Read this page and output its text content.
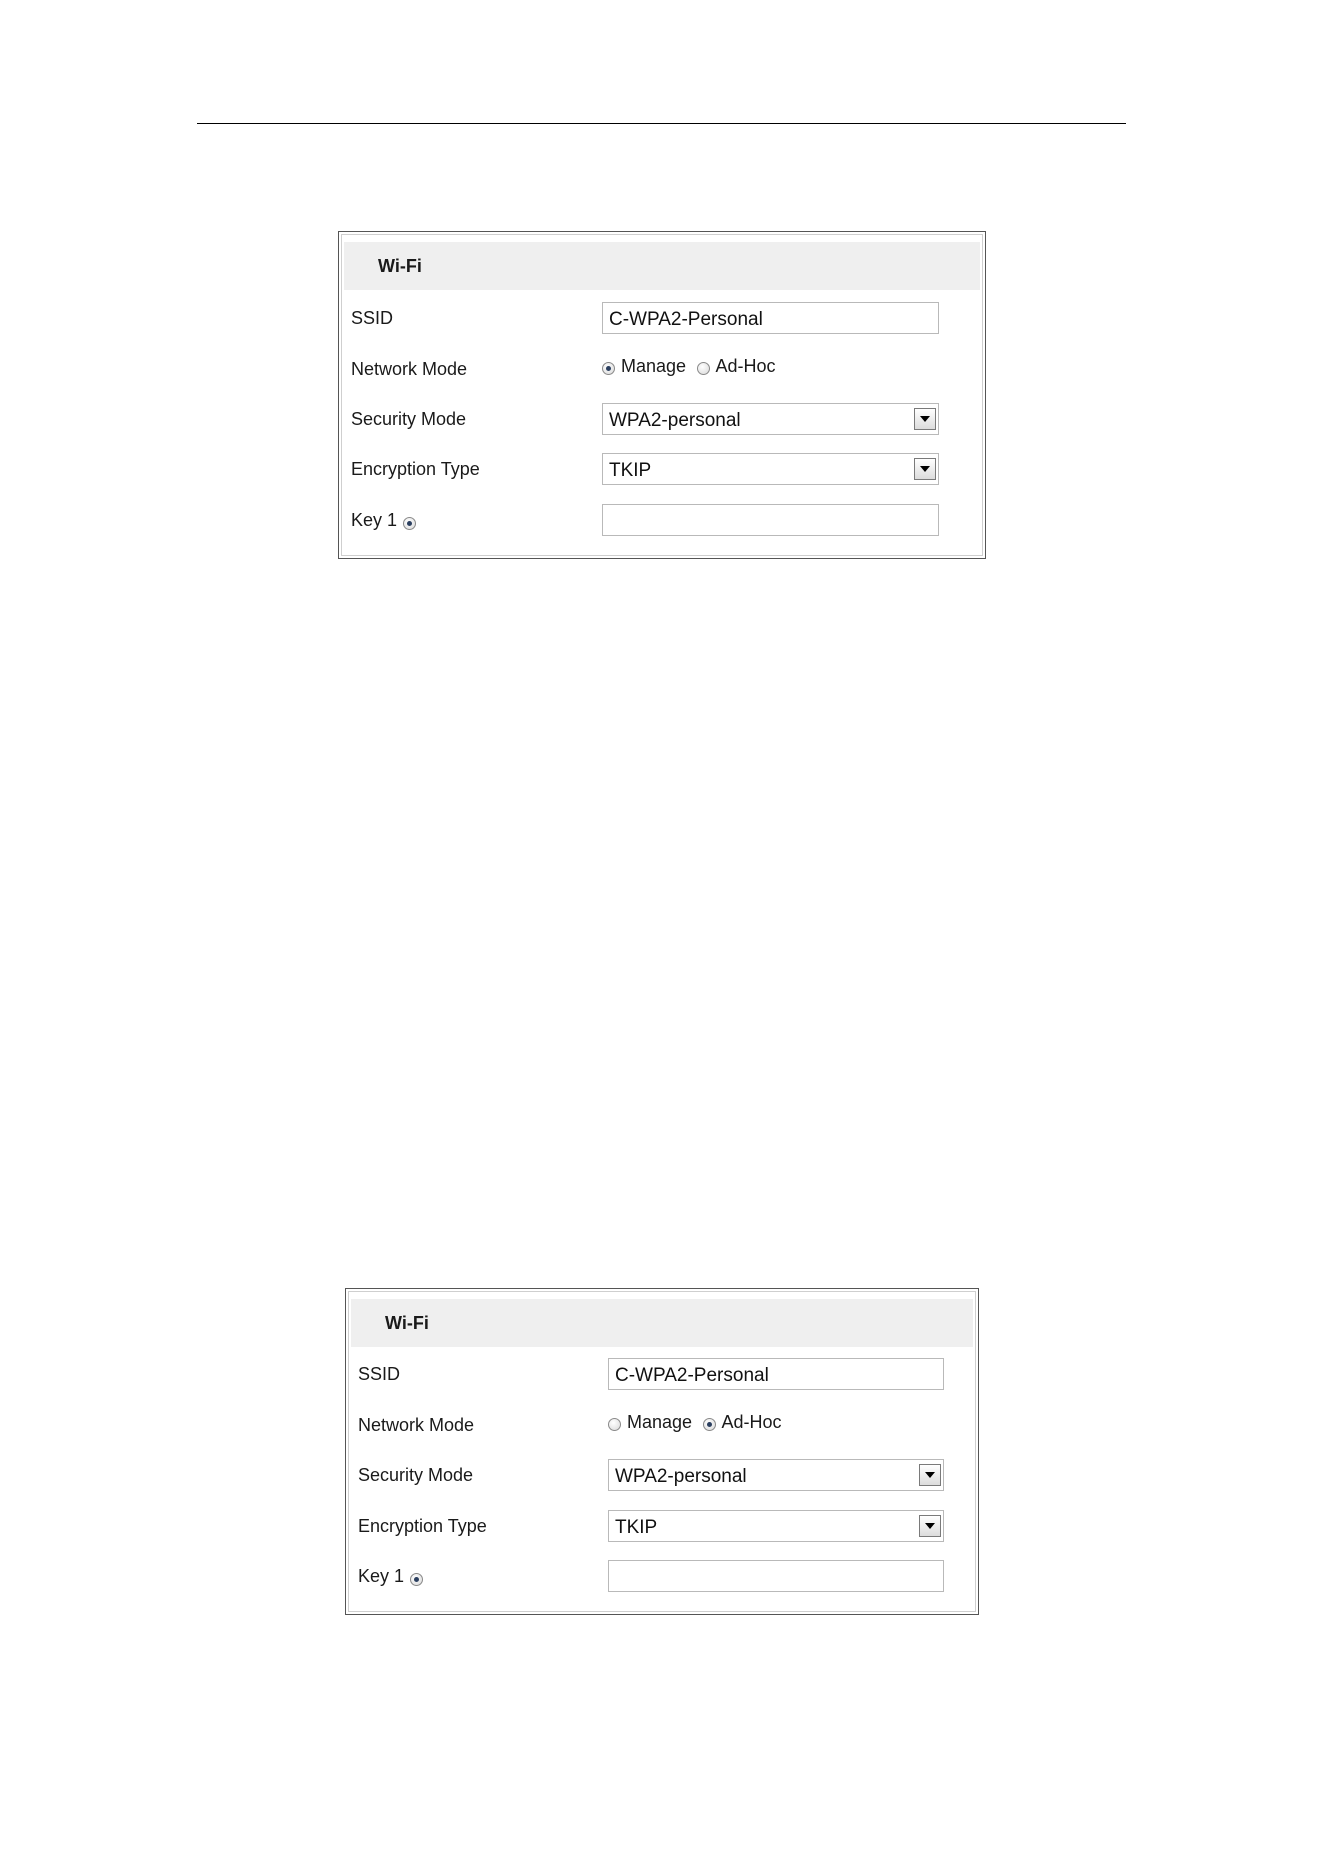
Wi-Fi
SSID	C-WPA2-Personal
Network Mode	Manage Ad-Hoc
Security Mode	WPA2-personal
Encryption Type	TKIP
Key 1
Wi-Fi
SSID	C-WPA2-Personal
Network Mode	Manage Ad-Hoc
Security Mode	WPA2-personal
Encryption Type	TKIP
Key 1
